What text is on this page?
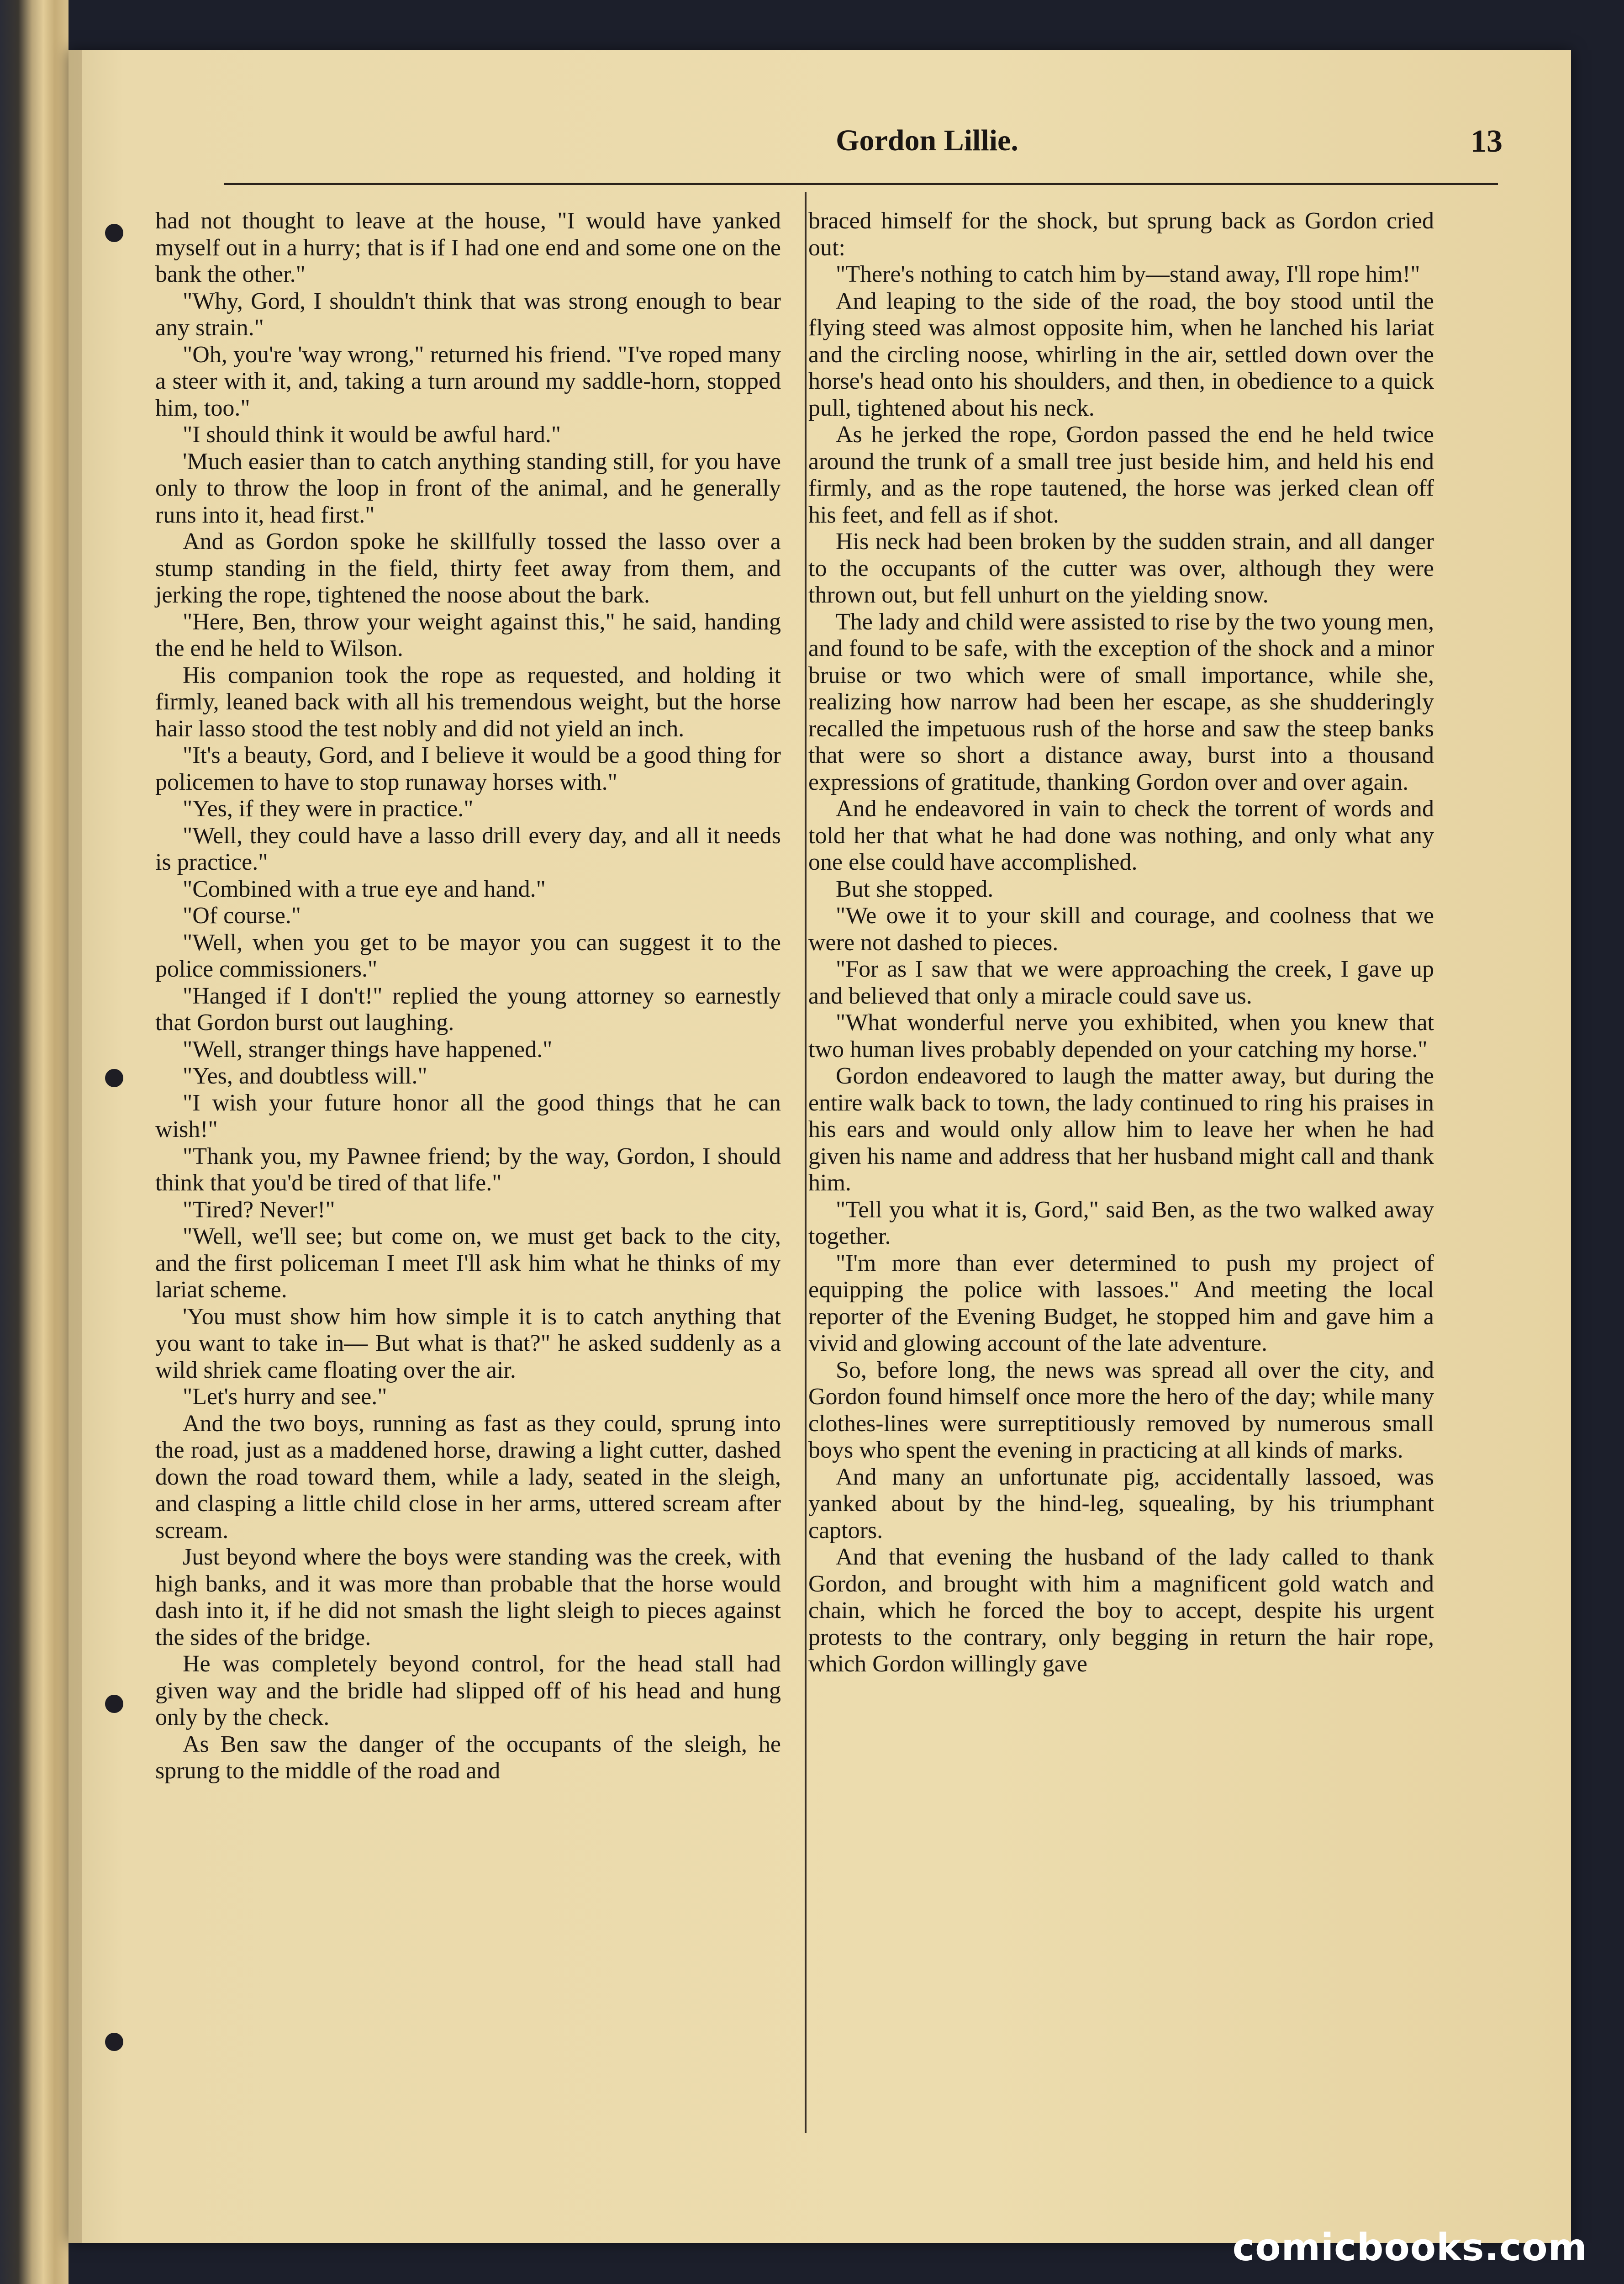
Gordon Lillie.	13

had not thought to leave at the house, "I would have yanked myself out in a hurry; that is if I had one end and some one on the bank the other."

"Why, Gord, I shouldn't think that was strong enough to bear any strain."

"Oh, you're 'way wrong," returned his friend. "I've roped many a steer with it, and, taking a turn around my saddle-horn, stopped him, too."

"I should think it would be awful hard."

'Much easier than to catch anything standing still, for you have only to throw the loop in front of the animal, and he generally runs into it, head first."

And as Gordon spoke he skillfully tossed the lasso over a stump standing in the field, thirty feet away from them, and jerking the rope, tightened the noose about the bark.

"Here, Ben, throw your weight against this," he said, handing the end he held to Wilson.

His companion took the rope as requested, and holding it firmly, leaned back with all his tremendous weight, but the horse hair lasso stood the test nobly and did not yield an inch.

"It's a beauty, Gord, and I believe it would be a good thing for policemen to have to stop runaway horses with."

"Yes, if they were in practice."

"Well, they could have a lasso drill every day, and all it needs is practice."

"Combined with a true eye and hand."

"Of course."

"Well, when you get to be mayor you can suggest it to the police commissioners."

"Hanged if I don't!" replied the young attorney so earnestly that Gordon burst out laughing.

"Well, stranger things have happened."

"Yes, and doubtless will."

"I wish your future honor all the good things that he can wish!"

"Thank you, my Pawnee friend; by the way, Gordon, I should think that you'd be tired of that life."

"Tired? Never!"

"Well, we'll see; but come on, we must get back to the city, and the first policeman I meet I'll ask him what he thinks of my lariat scheme.

'You must show him how simple it is to catch anything that you want to take in— But what is that?" he asked suddenly as a wild shriek came floating over the air.

"Let's hurry and see."

And the two boys, running as fast as they could, sprung into the road, just as a maddened horse, drawing a light cutter, dashed down the road toward them, while a lady, seated in the sleigh, and clasping a little child close in her arms, uttered scream after scream.

Just beyond where the boys were standing was the creek, with high banks, and it was more than probable that the horse would dash into it, if he did not smash the light sleigh to pieces against the sides of the bridge.

He was completely beyond control, for the head stall had given way and the bridle had slipped off of his head and hung only by the check.

As Ben saw the danger of the occupants of the sleigh, he sprung to the middle of the road and

braced himself for the shock, but sprung back as Gordon cried out:

"There's nothing to catch him by—stand away, I'll rope him!"

And leaping to the side of the road, the boy stood until the flying steed was almost opposite him, when he lanched his lariat and the circling noose, whirling in the air, settled down over the horse's head onto his shoulders, and then, in obedience to a quick pull, tightened about his neck.

As he jerked the rope, Gordon passed the end he held twice around the trunk of a small tree just beside him, and held his end firmly, and as the rope tautened, the horse was jerked clean off his feet, and fell as if shot.

His neck had been broken by the sudden strain, and all danger to the occupants of the cutter was over, although they were thrown out, but fell unhurt on the yielding snow.

The lady and child were assisted to rise by the two young men, and found to be safe, with the exception of the shock and a minor bruise or two which were of small importance, while she, realizing how narrow had been her escape, as she shudderingly recalled the impetuous rush of the horse and saw the steep banks that were so short a distance away, burst into a thousand expressions of gratitude, thanking Gordon over and over again.

And he endeavored in vain to check the torrent of words and told her that what he had done was nothing, and only what any one else could have accomplished.

But she stopped.

"We owe it to your skill and courage, and coolness that we were not dashed to pieces.

"For as I saw that we were approaching the creek, I gave up and believed that only a miracle could save us.

"What wonderful nerve you exhibited, when you knew that two human lives probably depended on your catching my horse."

Gordon endeavored to laugh the matter away, but during the entire walk back to town, the lady continued to ring his praises in his ears and would only allow him to leave her when he had given his name and address that her husband might call and thank him.

"Tell you what it is, Gord," said Ben, as the two walked away together.

"I'm more than ever determined to push my project of equipping the police with lassoes." And meeting the local reporter of the Evening Budget, he stopped him and gave him a vivid and glowing account of the late adventure.

So, before long, the news was spread all over the city, and Gordon found himself once more the hero of the day; while many clothes-lines were surreptitiously removed by numerous small boys who spent the evening in practicing at all kinds of marks.

And many an unfortunate pig, accidentally lassoed, was yanked about by the hind-leg, squealing, by his triumphant captors.

And that evening the husband of the lady called to thank Gordon, and brought with him a magnificent gold watch and chain, which he forced the boy to accept, despite his urgent protests to the contrary, only begging in return the hair rope, which Gordon willingly gave

comicbooks.com
